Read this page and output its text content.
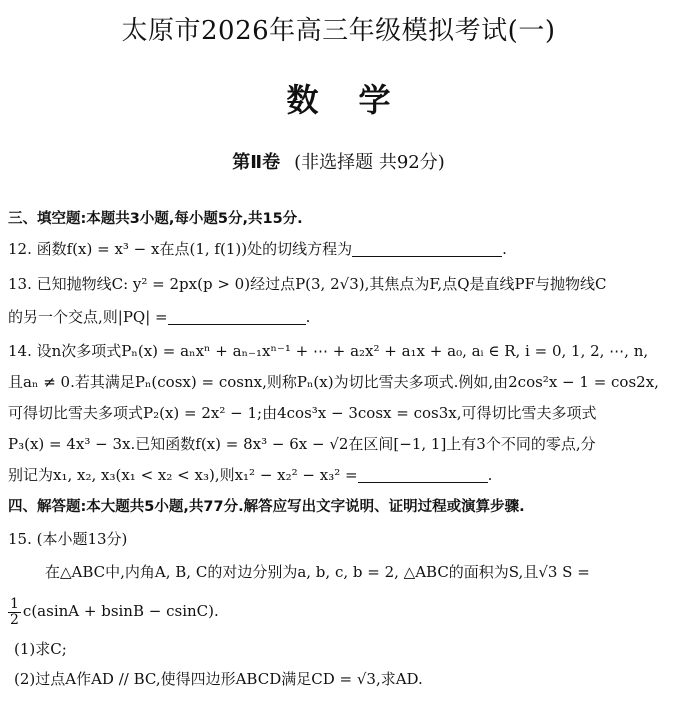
太原市2026年高三年级模拟考试(一)
数学
第Ⅱ卷 (非选择题 共92分)
三、填空题:本题共3小题,每小题5分,共15分.
12. 函数f(x) = x³ − x在点(1, f(1))处的切线方程为	.
13. 已知抛物线C: y² = 2px(p > 0)经过点P(3, 2√3),其焦点为F,点Q是直线PF与抛物线C
的另一个交点,则|PQ| =	.
14. 设n次多项式Pₙ(x) = aₙxⁿ + aₙ₋₁xⁿ⁻¹ + ⋯ + a₂x² + a₁x + a₀, aᵢ ∈ R, i = 0, 1, 2, ⋯, n,
且aₙ ≠ 0.若其满足Pₙ(cosx) = cosnx,则称Pₙ(x)为切比雪夫多项式.例如,由2cos²x − 1 = cos2x,
可得切比雪夫多项式P₂(x) = 2x² − 1;由4cos³x − 3cosx = cos3x,可得切比雪夫多项式
P₃(x) = 4x³ − 3x.已知函数f(x) = 8x³ − 6x − √2在区间[−1, 1]上有3个不同的零点,分
别记为x₁, x₂, x₃(x₁ < x₂ < x₃),则x₁² − x₂² − x₃² =	.
四、解答题:本大题共5小题,共77分.解答应写出文字说明、证明过程或演算步骤.
15. (本小题13分)
在△ABC中,内角A, B, C的对边分别为a, b, c, b = 2, △ABC的面积为S,且√3 S =
$\frac{1}{2} c(asinA + bsinB - csinC)$.
(1)求C;
(2)过点A作AD // BC,使得四边形ABCD满足CD = √3,求AD.
